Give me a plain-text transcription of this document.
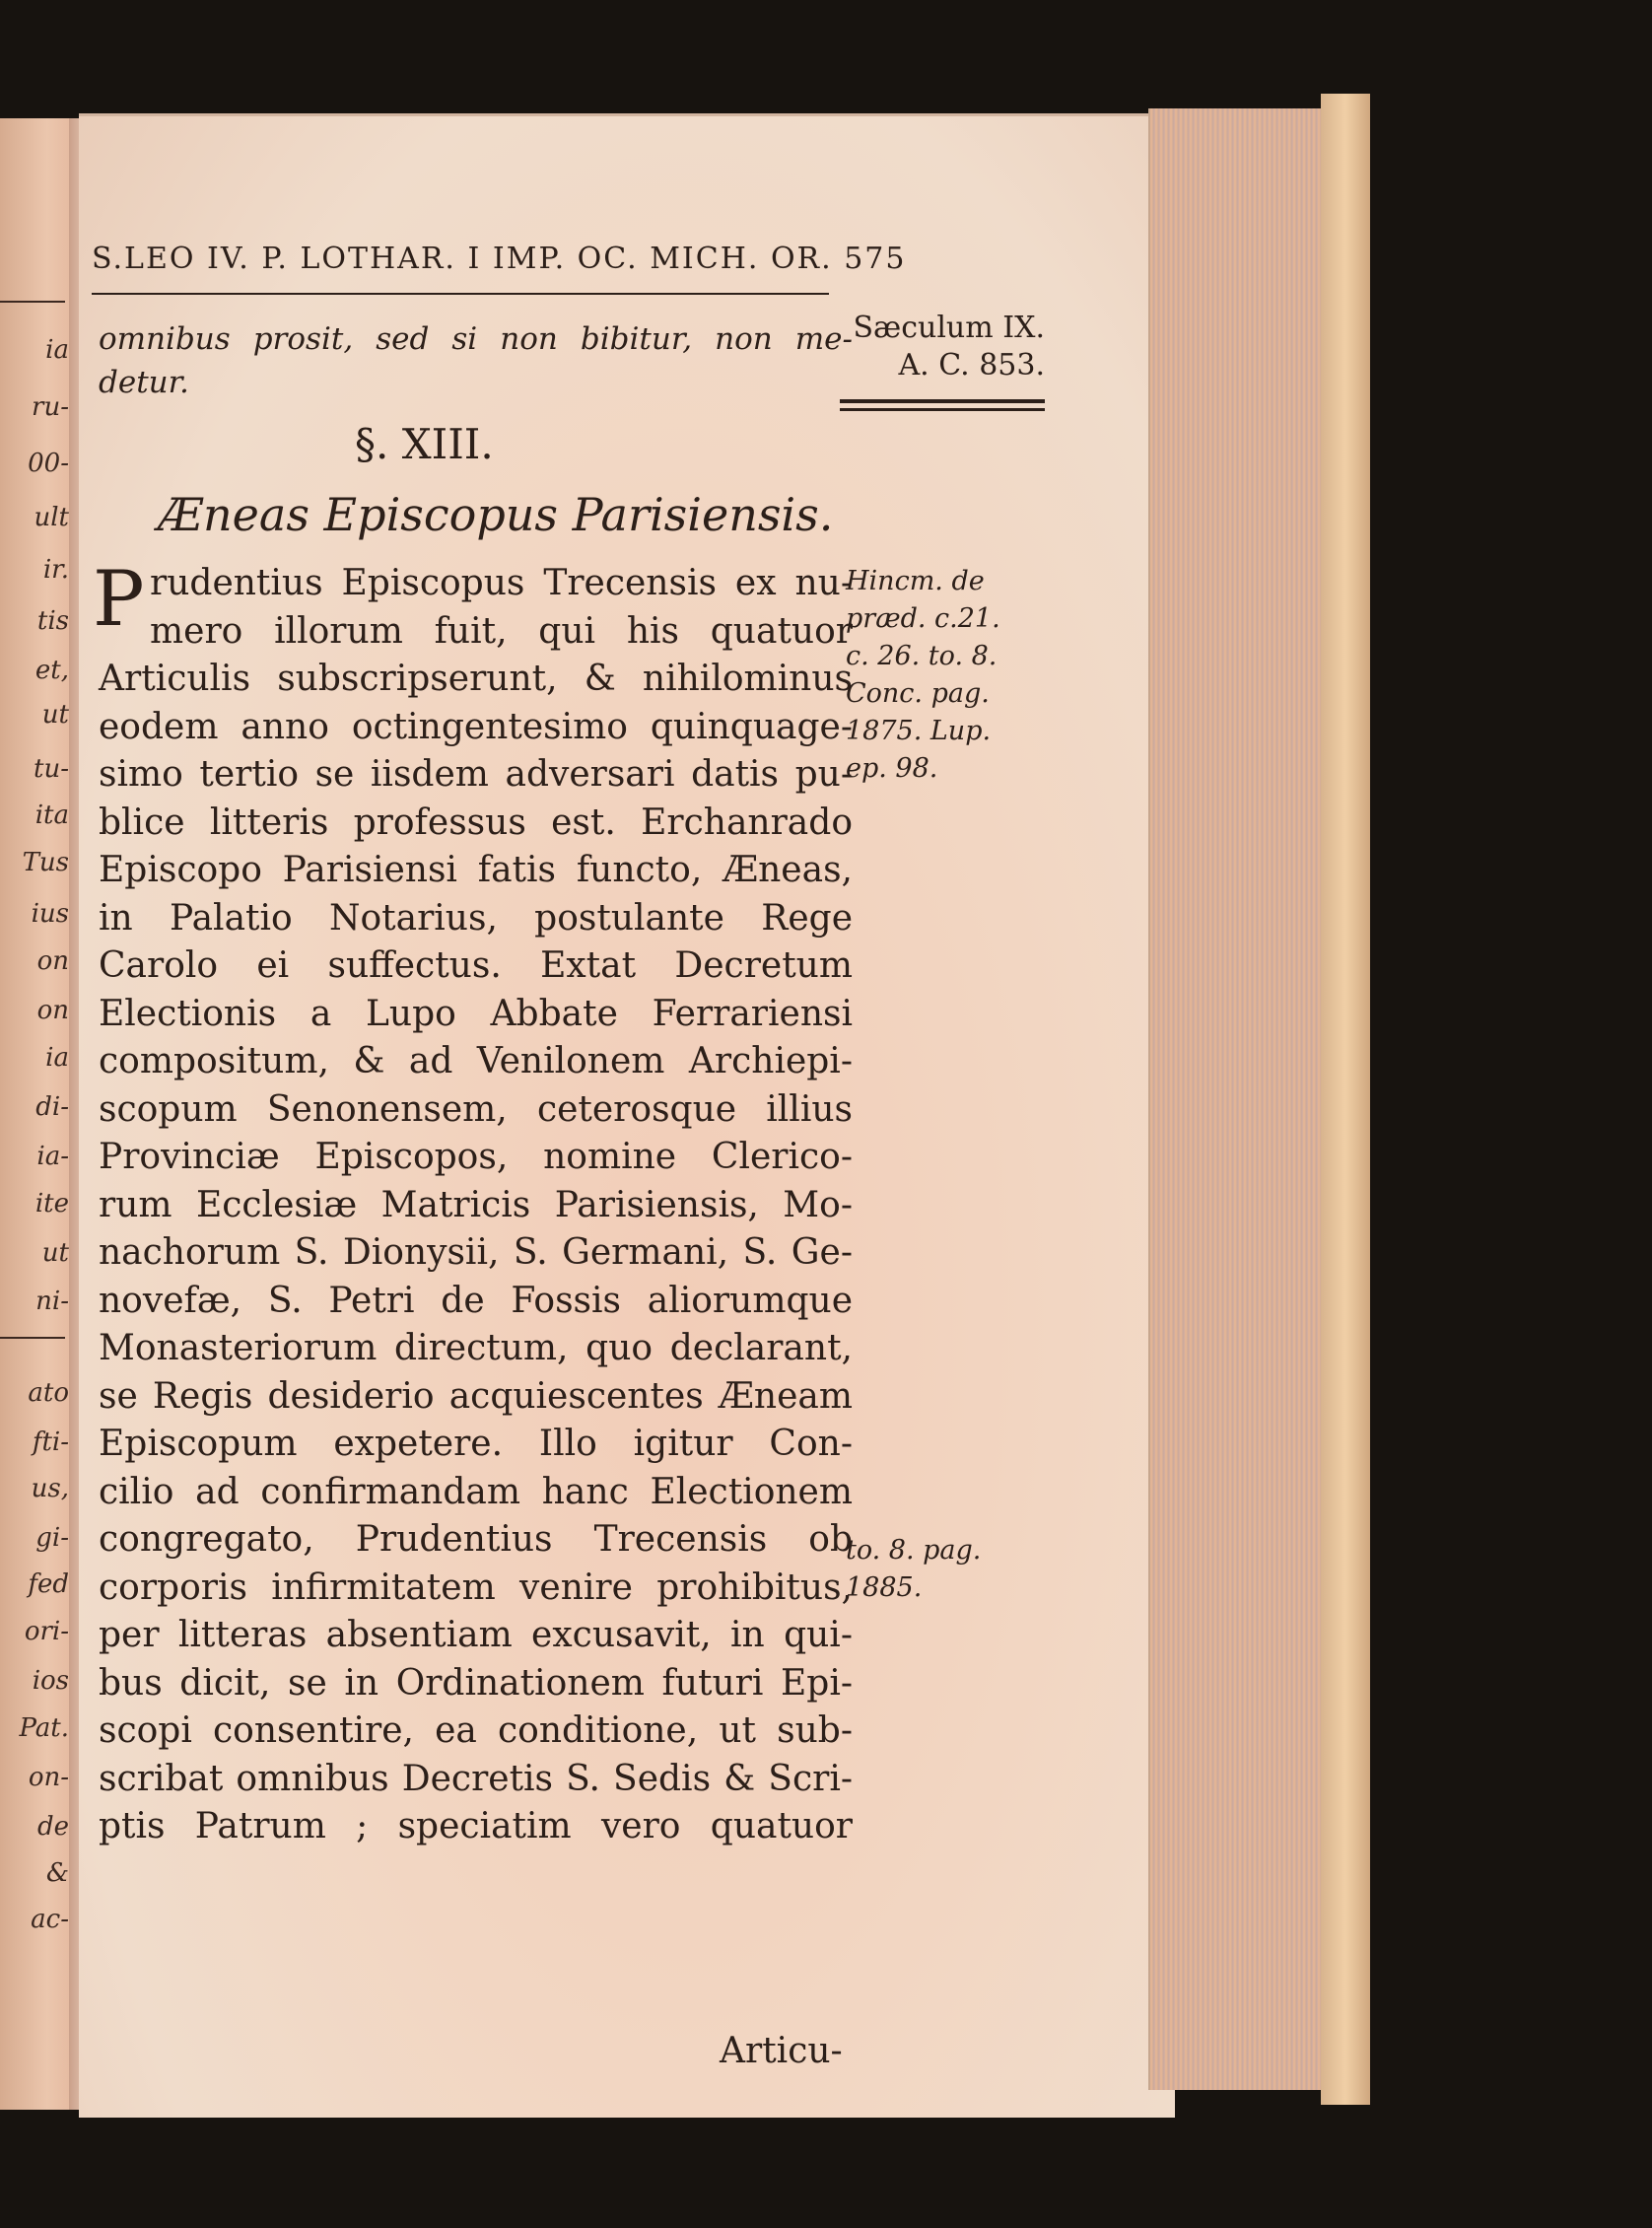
ia
ru-
00-
ult
ir.
tis
et,
ut
tu-
ita
Tus
ius
on
on
ia
di-
ia-
ite
ut
ni-
ato
fti-
us,
gi-
fed
ori-
ios
Pat.
on-
de
&
ac-
S.LEO IV. P. LOTHAR. I IMP. OC. MICH. OR. 575
Sæculum IX.
A. C. 853.
omnibus prosit, sed si non bibitur, non me-
detur.
§. XIII.
Æneas Episcopus Parisiensis.
P rudentius Episcopus Trecensis ex nu-
mero illorum fuit, qui his quatuor
Articulis subscripserunt, & nihilominus
eodem anno octingentesimo quinquage-
simo tertio se iisdem adversari datis pu-
blice litteris professus est. Erchanrado
Episcopo Parisiensi fatis functo, Æneas,
in Palatio Notarius, postulante Rege
Carolo ei suffectus. Extat Decretum
Electionis a Lupo Abbate Ferrariensi
compositum, & ad Venilonem Archiepi-
scopum Senonensem, ceterosque illius
Provinciæ Episcopos, nomine Clerico-
rum Ecclesiæ Matricis Parisiensis, Mo-
nachorum S. Dionysii, S. Germani, S. Ge-
novefæ, S. Petri de Fossis aliorumque
Monasteriorum directum, quo declarant,
se Regis desiderio acquiescentes Æneam
Episcopum expetere. Illo igitur Con-
cilio ad confirmandam hanc Electionem
congregato, Prudentius Trecensis ob
corporis infirmitatem venire prohibitus,
per litteras absentiam excusavit, in qui-
bus dicit, se in Ordinationem futuri Epi-
scopi consentire, ea conditione, ut sub-
scribat omnibus Decretis S. Sedis & Scri-
ptis Patrum ; speciatim vero quatuor
Hincm. de
præd. c.21.
c. 26. to. 8.
Conc. pag.
1875. Lup.
ep. 98.
to. 8. pag.
1885.
Articu-
